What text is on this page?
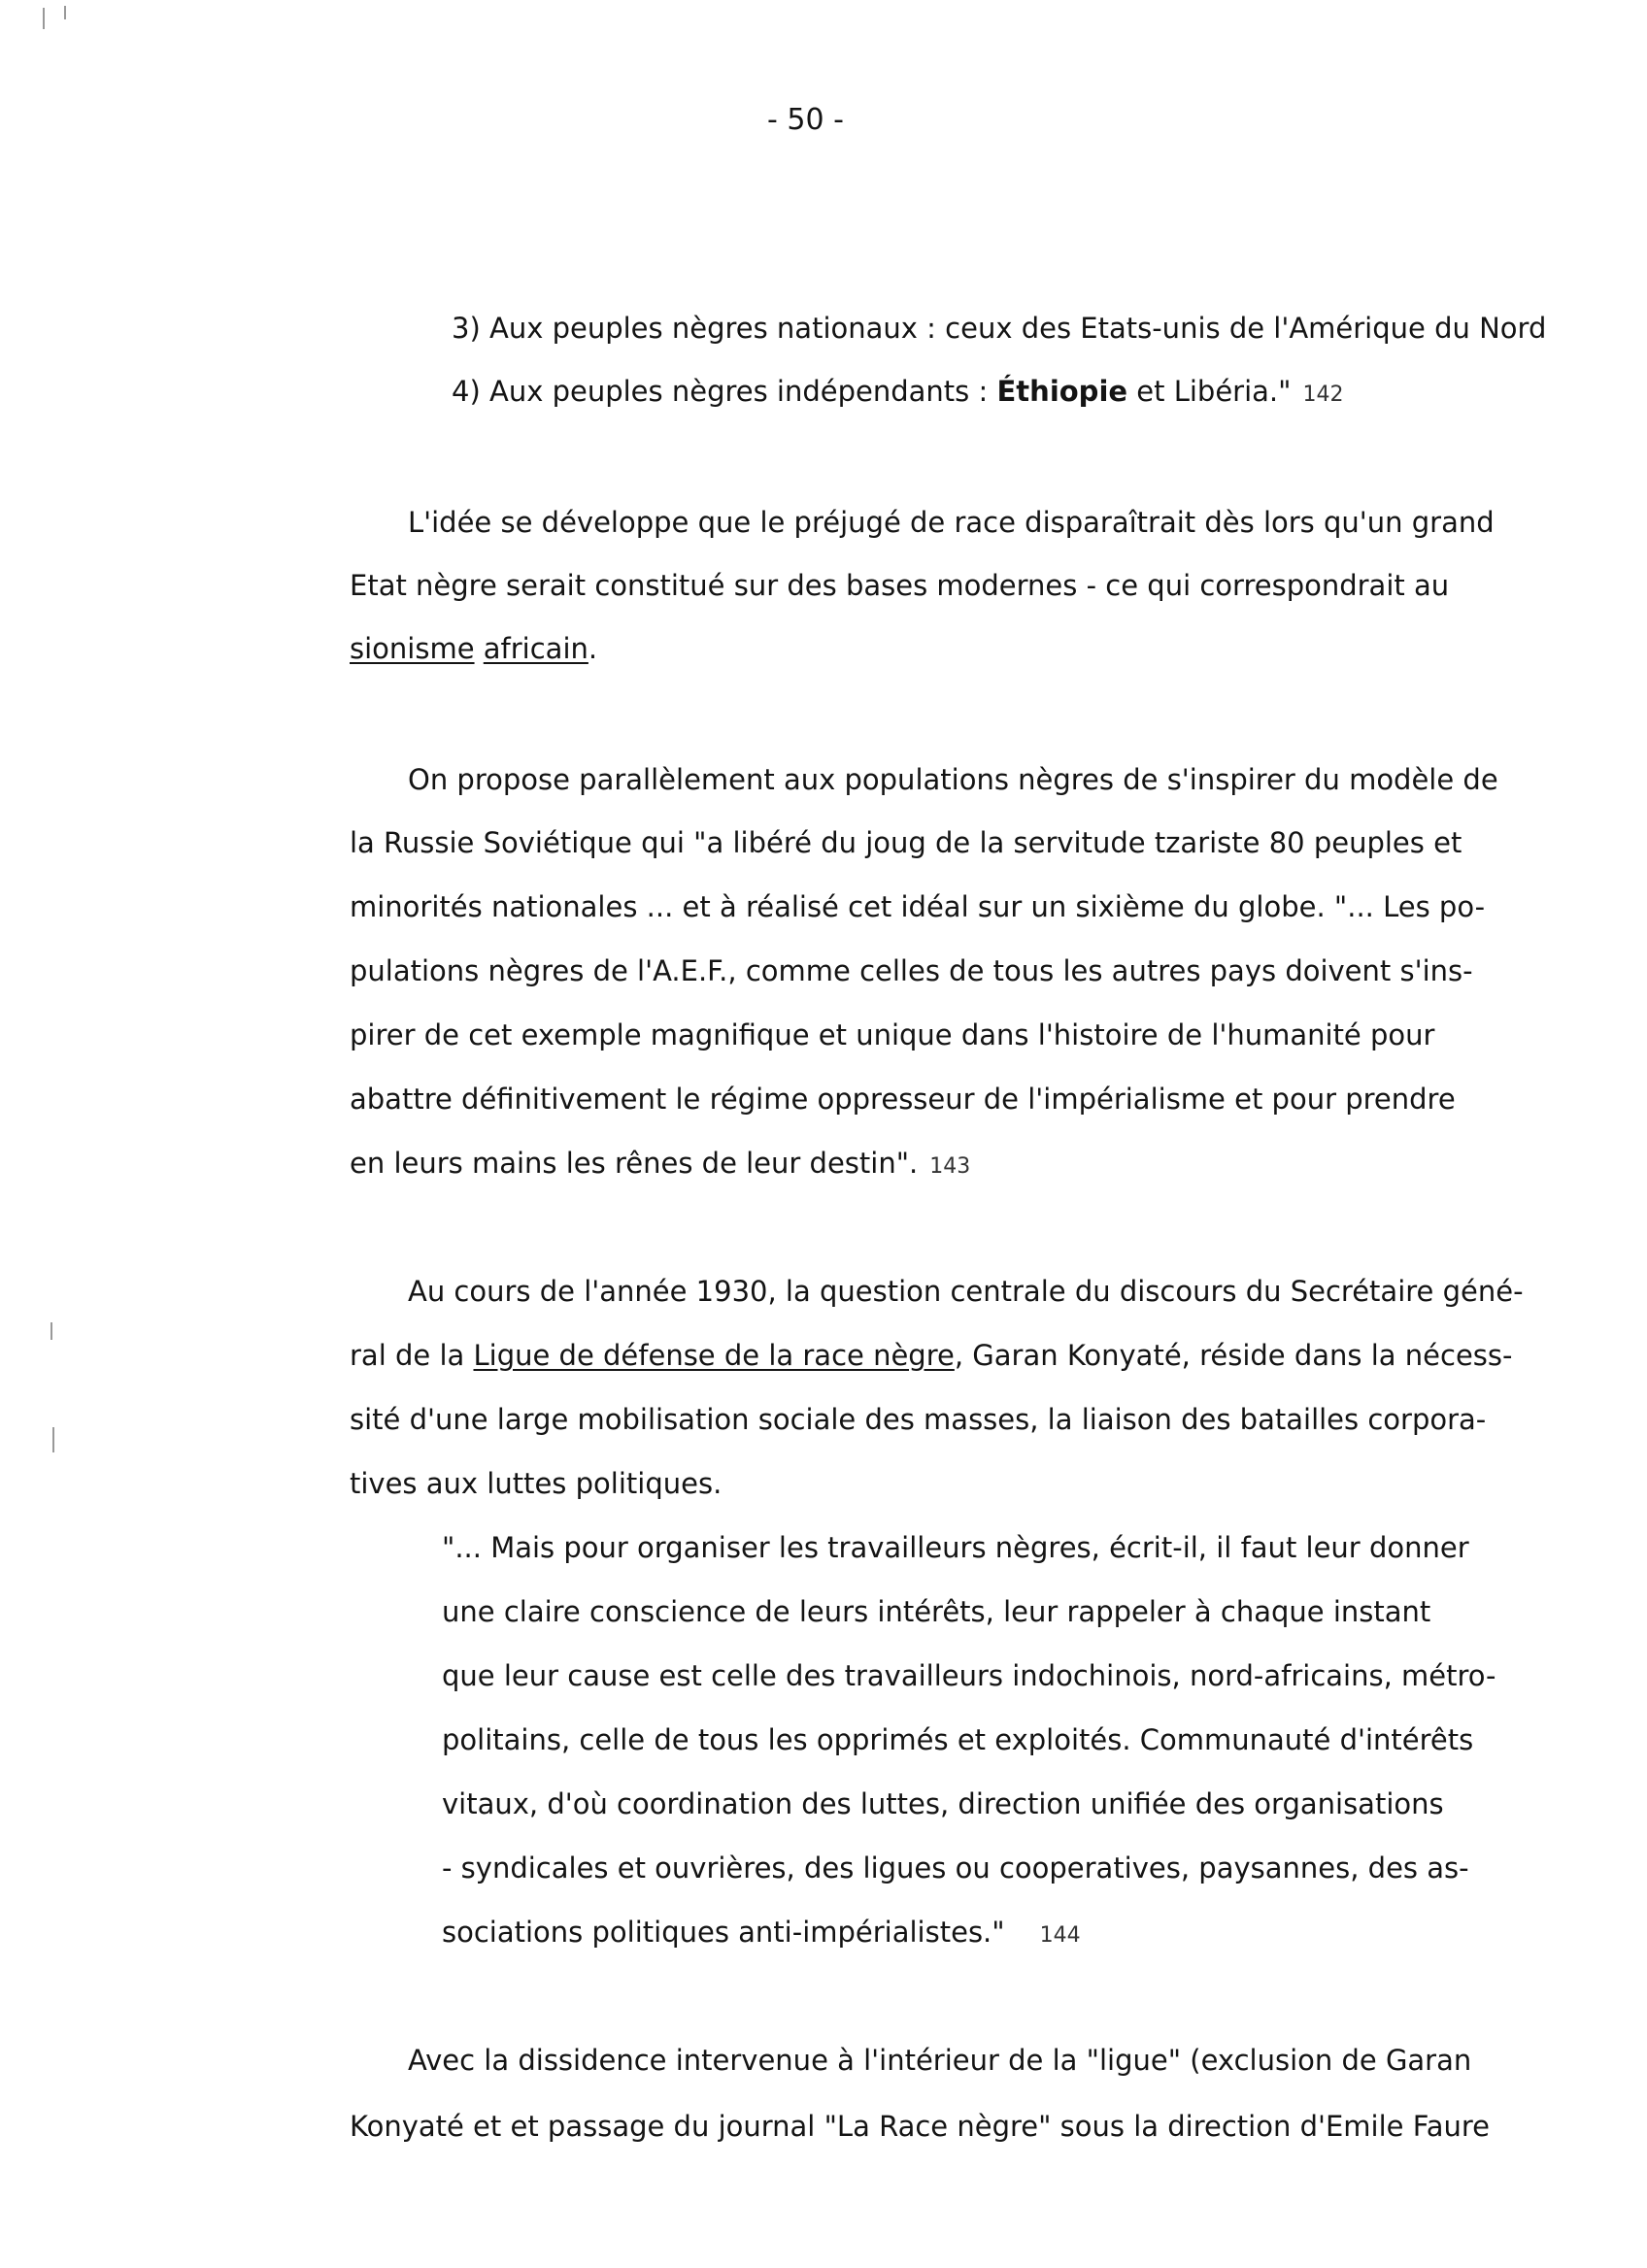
- 50 -
3) Aux peuples nègres nationaux : ceux des Etats-unis de l'Amérique du Nord
4) Aux peuples nègres indépendants : Éthiopie et Libéria." 142
L'idée se développe que le préjugé de race disparaîtrait dès lors qu'un grand
Etat nègre serait constitué sur des bases modernes - ce qui correspondrait au
sionisme africain.
On propose parallèlement aux populations nègres de s'inspirer du modèle de
la Russie Soviétique qui "a libéré du joug de la servitude tzariste 80 peuples et
minorités nationales ... et à réalisé cet idéal sur un sixième du globe. "... Les po-
pulations nègres de l'A.E.F., comme celles de tous les autres pays doivent s'ins-
pirer de cet exemple magnifique et unique dans l'histoire de l'humanité pour
abattre définitivement le régime oppresseur de l'impérialisme et pour prendre
en leurs mains les rênes de leur destin". 143
Au cours de l'année 1930, la question centrale du discours du Secrétaire géné-
ral de la Ligue de défense de la race nègre, Garan Konyaté, réside dans la nécess-
sité d'une large mobilisation sociale des masses, la liaison des batailles corpora-
tives aux luttes politiques.
"... Mais pour organiser les travailleurs nègres, écrit-il, il faut leur donner
une claire conscience de leurs intérêts, leur rappeler à chaque instant
que leur cause est celle des travailleurs indochinois, nord-africains, métro-
politains, celle de tous les opprimés et exploités. Communauté d'intérêts
vitaux, d'où coordination des luttes, direction unifiée des organisations
- syndicales et ouvrières, des ligues ou cooperatives, paysannes, des as-
sociations politiques anti-impérialistes." 144
Avec la dissidence intervenue à l'intérieur de la "ligue" (exclusion de Garan
Konyaté et et passage du journal "La Race nègre" sous la direction d'Emile Faure
